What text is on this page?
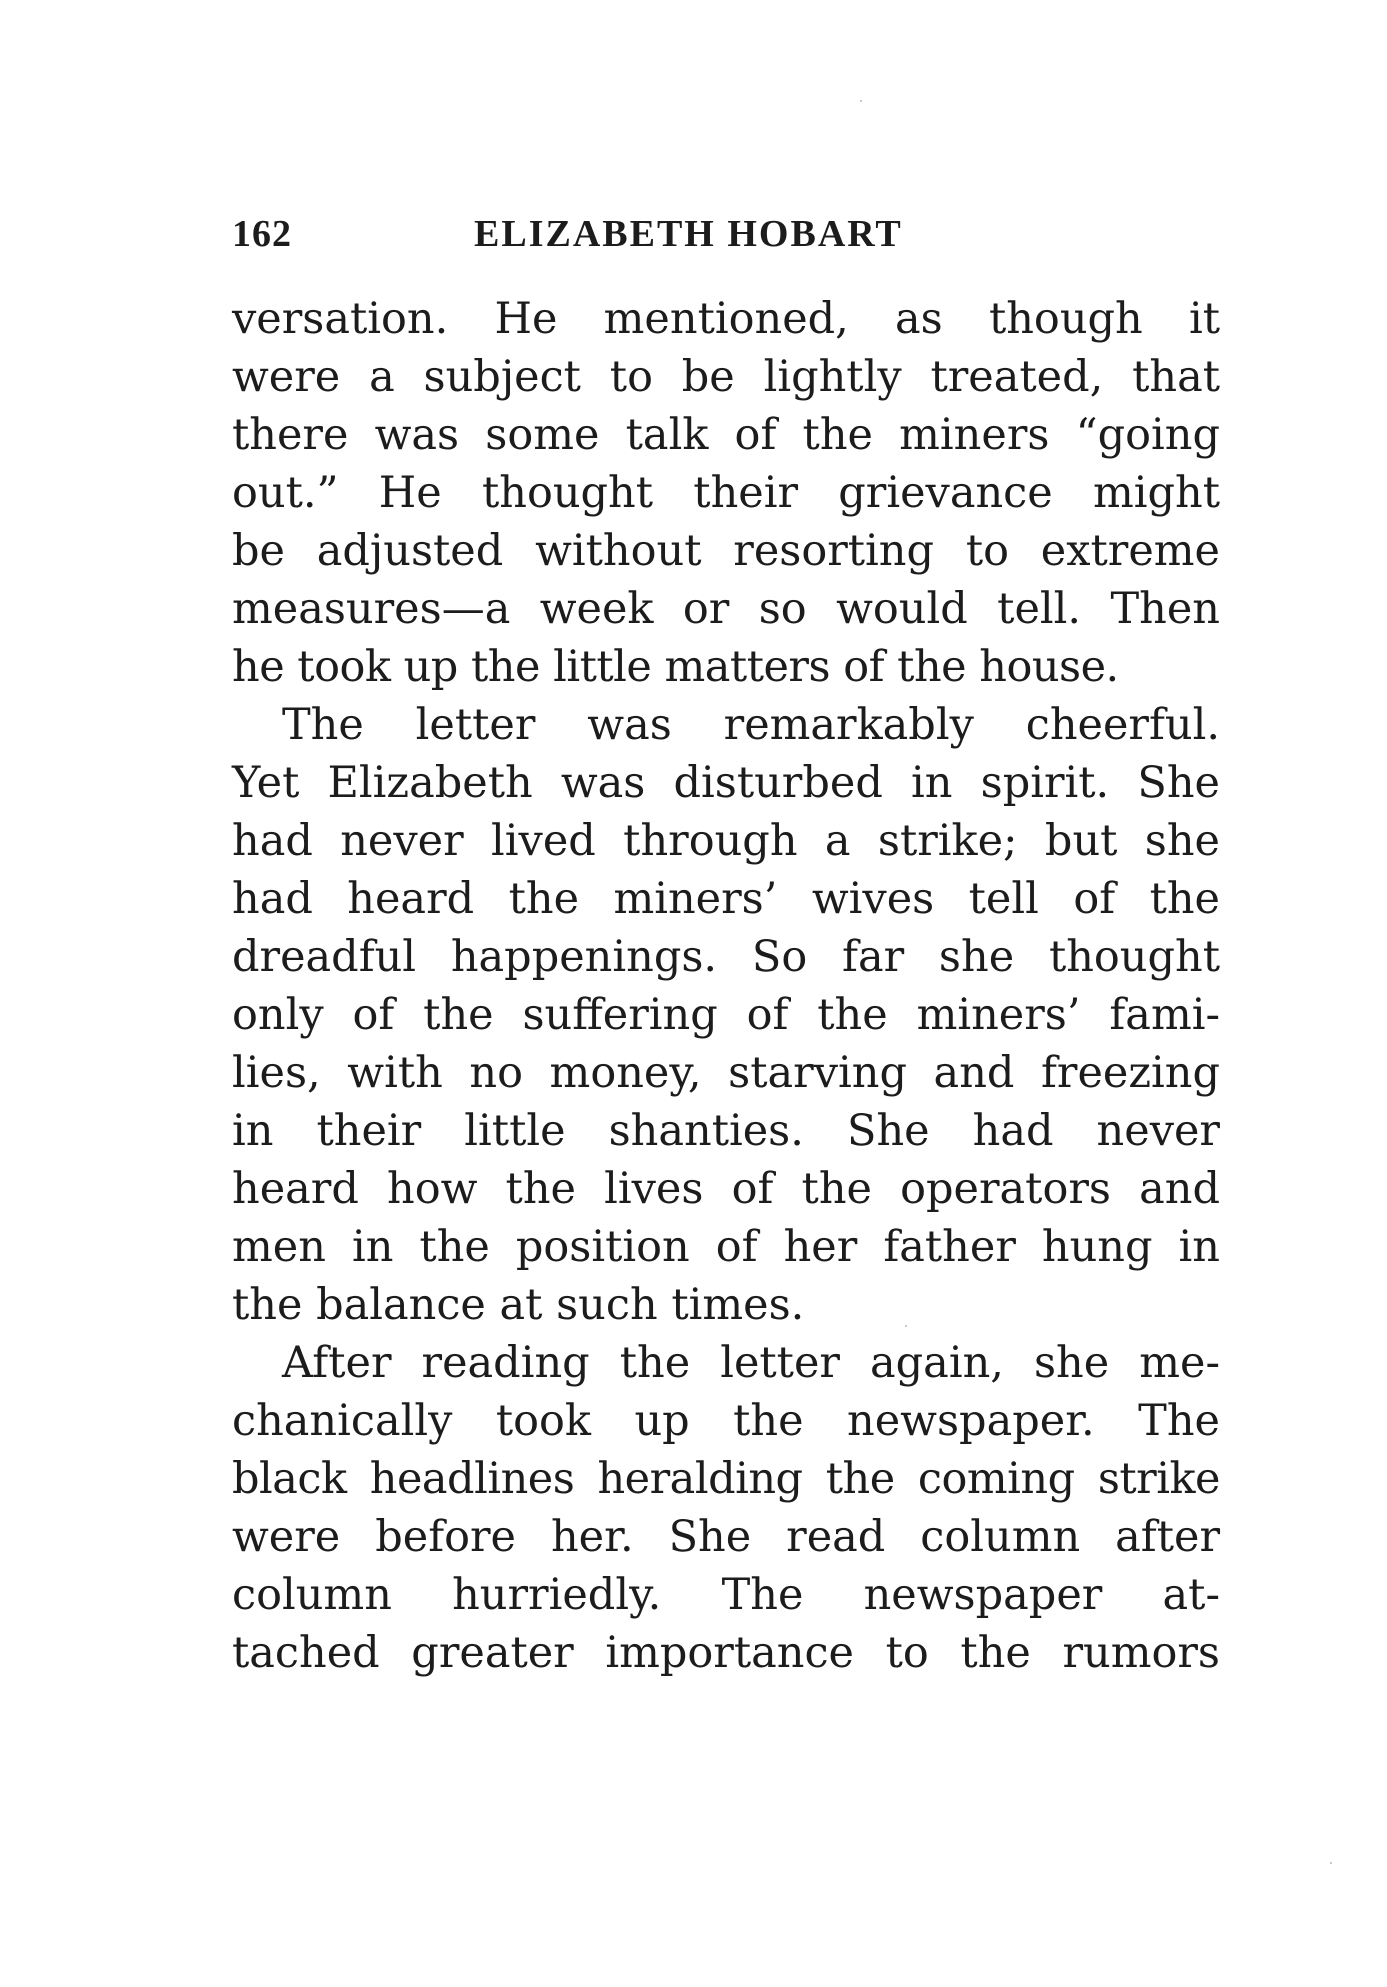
162	ELIZABETH HOBART
versation. He mentioned, as though it
were a subject to be lightly treated, that
there was some talk of the miners “going
out.” He thought their grievance might
be adjusted without resorting to extreme
measures—a week or so would tell. Then
he took up the little matters of the house.
The letter was remarkably cheerful.
Yet Elizabeth was disturbed in spirit. She
had never lived through a strike; but she
had heard the miners’ wives tell of the
dreadful happenings. So far she thought
only of the suffering of the miners’ fami-
lies, with no money, starving and freezing
in their little shanties. She had never
heard how the lives of the operators and
men in the position of her father hung in
the balance at such times.
After reading the letter again, she me-
chanically took up the newspaper. The
black headlines heralding the coming strike
were before her. She read column after
column hurriedly. The newspaper at-
tached greater importance to the rumors
